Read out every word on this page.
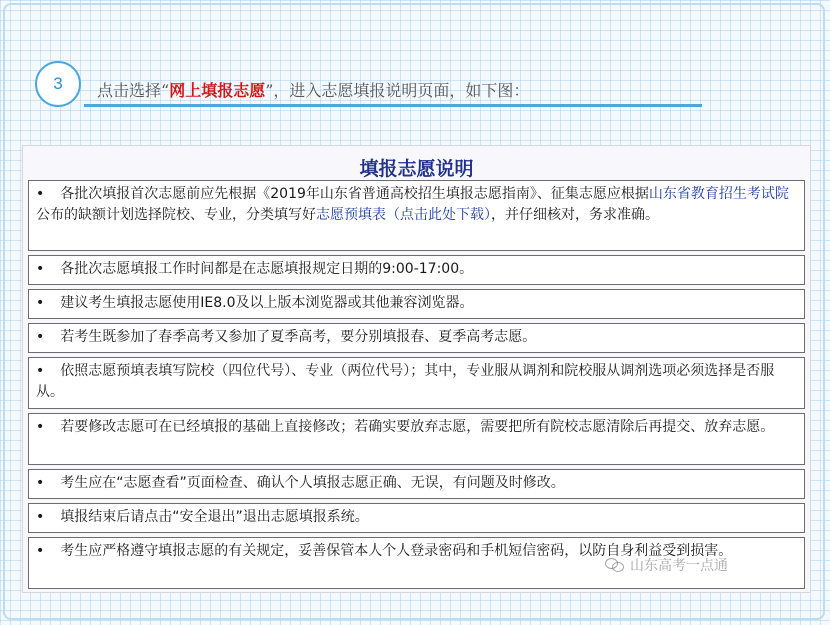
3 点击选择“网上填报志愿”，进入志愿填报说明页面，如下图：
填报志愿说明
• 各批次填报首次志愿前应先根据《2019年山东省普通高校招生填报志愿指南》、征集志愿应根据山东省教育招生考试院公布的缺额计划选择院校、专业，分类填写好志愿预填表（点击此处下载），并仔细核对，务求准确。
• 各批次志愿填报工作时间都是在志愿填报规定日期的9:00-17:00。
• 建议考生填报志愿使用IE8.0及以上版本浏览器或其他兼容浏览器。
• 若考生既参加了春季高考又参加了夏季高考，要分别填报春、夏季高考志愿。
• 依照志愿预填表填写院校（四位代号）、专业（两位代号）；其中，专业服从调剂和院校服从调剂选项必须选择是否服从。
• 若要修改志愿可在已经填报的基础上直接修改；若确实要放弃志愿，需要把所有院校志愿清除后再提交、放弃志愿。
• 考生应在“志愿查看”页面检查、确认个人填报志愿正确、无误，有问题及时修改。
• 填报结束后请点击“安全退出”退出志愿填报系统。
• 考生应严格遵守填报志愿的有关规定，妥善保管本人个人登录密码和手机短信密码，以防自身利益受到损害。
山东高考一点通
